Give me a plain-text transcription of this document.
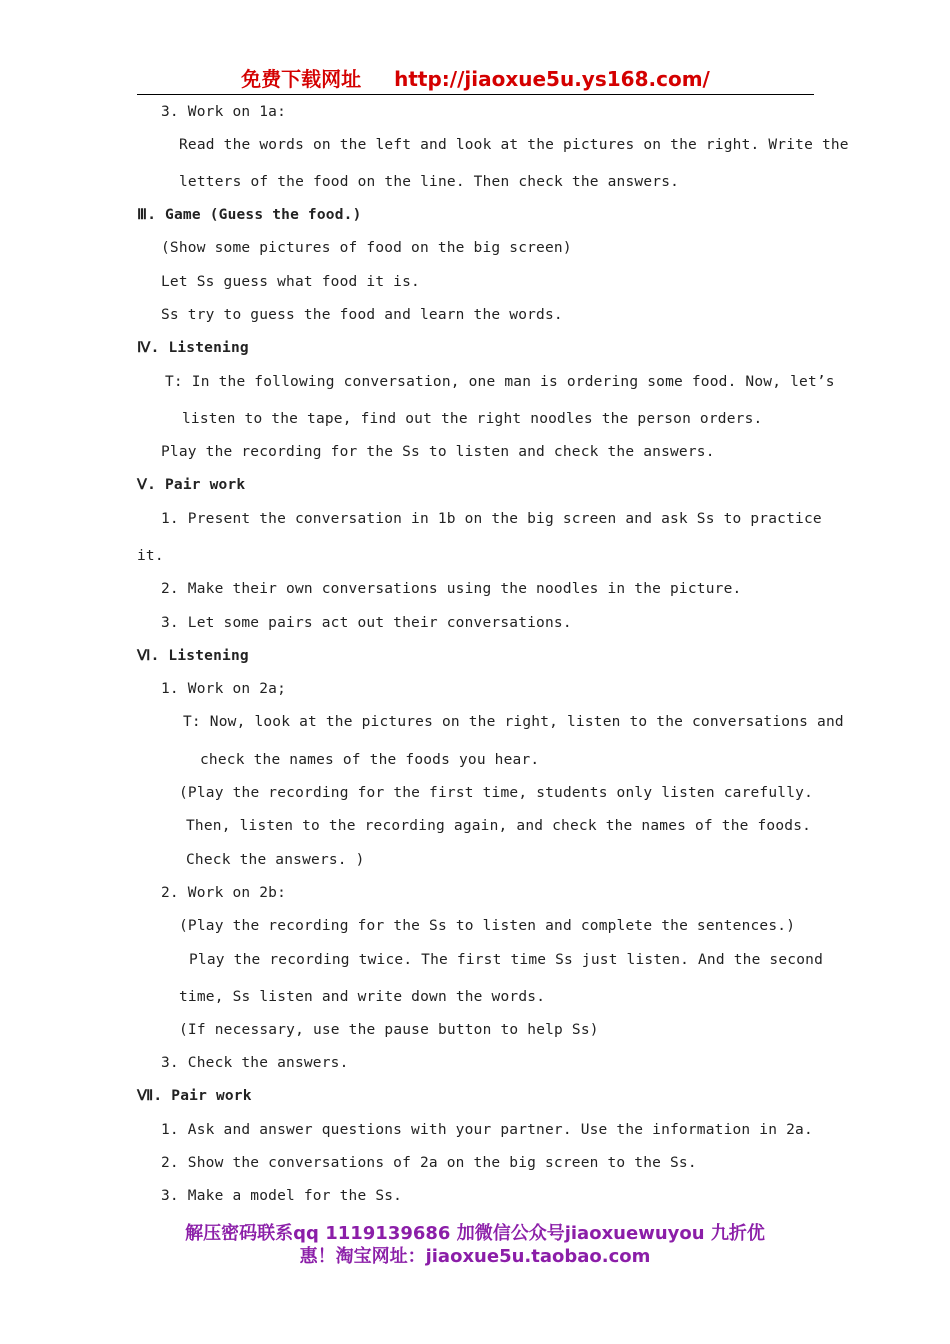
免费下载网址 http://jiaoxue5u.ys168.com/
3. Work on 1a:
Read the words on the left and look at the pictures on the right. Write the
letters of the food on the line. Then check the answers.
Ⅲ. Game (Guess the food.)
(Show some pictures of food on the big screen)
Let Ss guess what food it is.
Ss try to guess the food and learn the words.
Ⅳ. Listening
T: In the following conversation, one man is ordering some food. Now, let’s
listen to the tape, find out the right noodles the person orders.
Play the recording for the Ss to listen and check the answers.
Ⅴ. Pair work
1. Present the conversation in 1b on the big screen and ask Ss to practice
it.
2. Make their own conversations using the noodles in the picture.
3. Let some pairs act out their conversations.
Ⅵ. Listening
1. Work on 2a;
T: Now, look at the pictures on the right, listen to the conversations and
check the names of the foods you hear.
(Play the recording for the first time, students only listen carefully.
Then, listen to the recording again, and check the names of the foods.
Check the answers. )
2. Work on 2b:
(Play the recording for the Ss to listen and complete the sentences.)
Play the recording twice. The first time Ss just listen. And the second
time, Ss listen and write down the words.
(If necessary, use the pause button to help Ss)
3. Check the answers.
Ⅶ. Pair work
1. Ask and answer questions with your partner. Use the information in 2a.
2. Show the conversations of 2a on the big screen to the Ss.
3. Make a model for the Ss.
解压密码联系qq 1119139686 加微信公众号jiaoxuewuyou 九折优
惠！淘宝网址：jiaoxue5u.taobao.com
